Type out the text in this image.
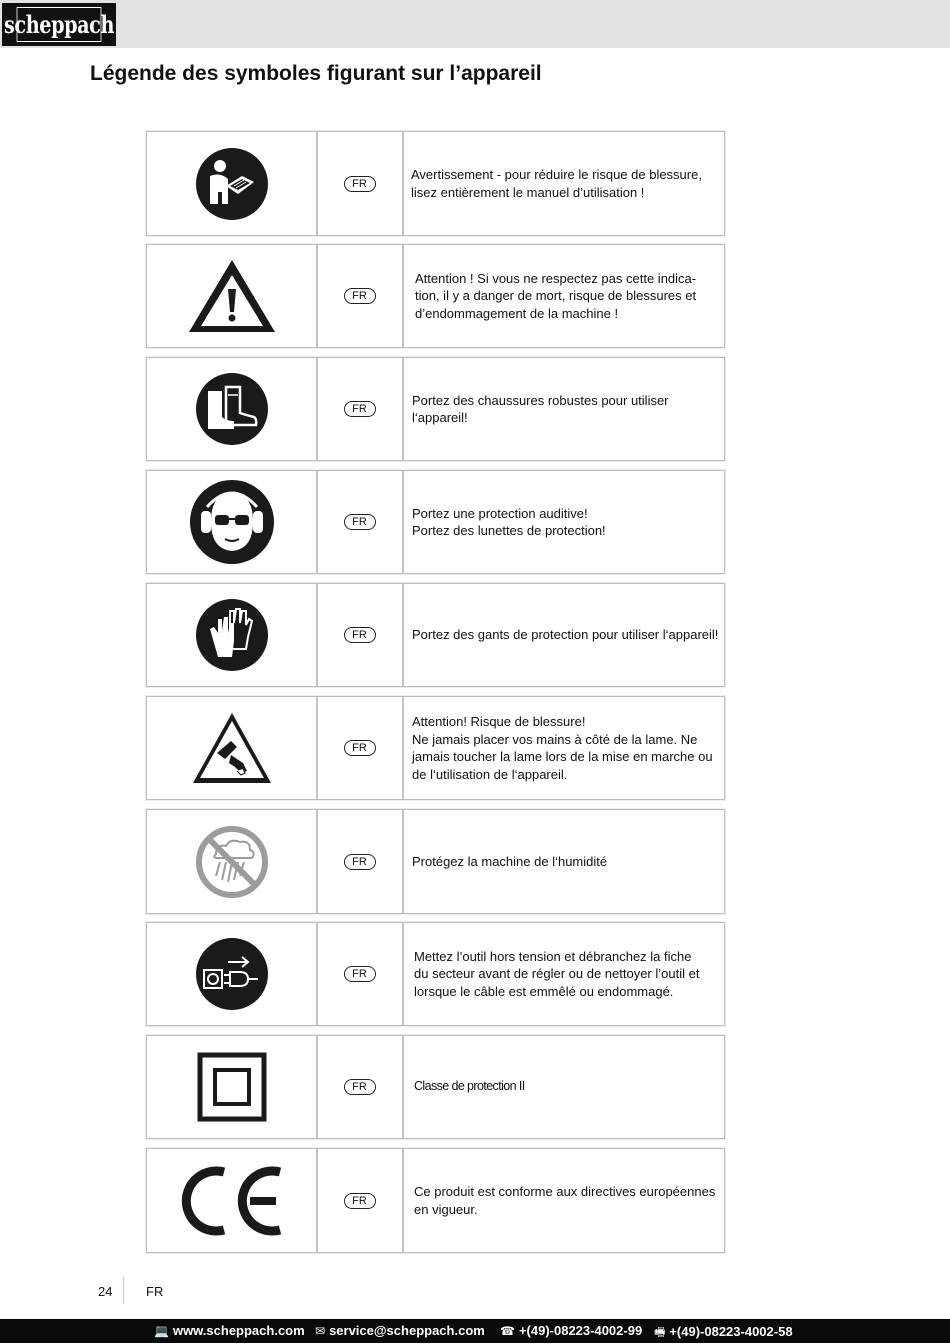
scheppach
Légende des symboles figurant sur l’appareil
FR
Avertissement - pour réduire le risque de blessure,
lisez entièrement le manuel d’utilisation !
FR
Attention ! Si vous ne respectez pas cette indica-
tion, il y a danger de mort, risque de blessures et
d’endommagement de la machine !
FR
Portez des chaussures robustes pour utiliser
l‘appareil!
FR
Portez une protection auditive!
Portez des lunettes de protection!
FR	Portez des gants de protection pour utiliser l‘appareil!
FR
Attention! Risque de blessure!
Ne jamais placer vos mains à côté de la lame. Ne
jamais toucher la lame lors de la mise en marche ou
de l‘utilisation de l‘appareil.
FR	Protégez la machine de l‘humidité
FR
Mettez l’outil hors tension et débranchez la fiche
du secteur avant de régler ou de nettoyer l’outil et
lorsque le câble est emmêlé ou endommagé.
FR	Classe de protection II
FR
Ce produit est conforme aux directives européennes
en vigueur.
24	FR
💻 www.scheppach.com ✉ service@scheppach.com ☎ +(49)-08223-4002-99 🖷 +(49)-08223-4002-58
